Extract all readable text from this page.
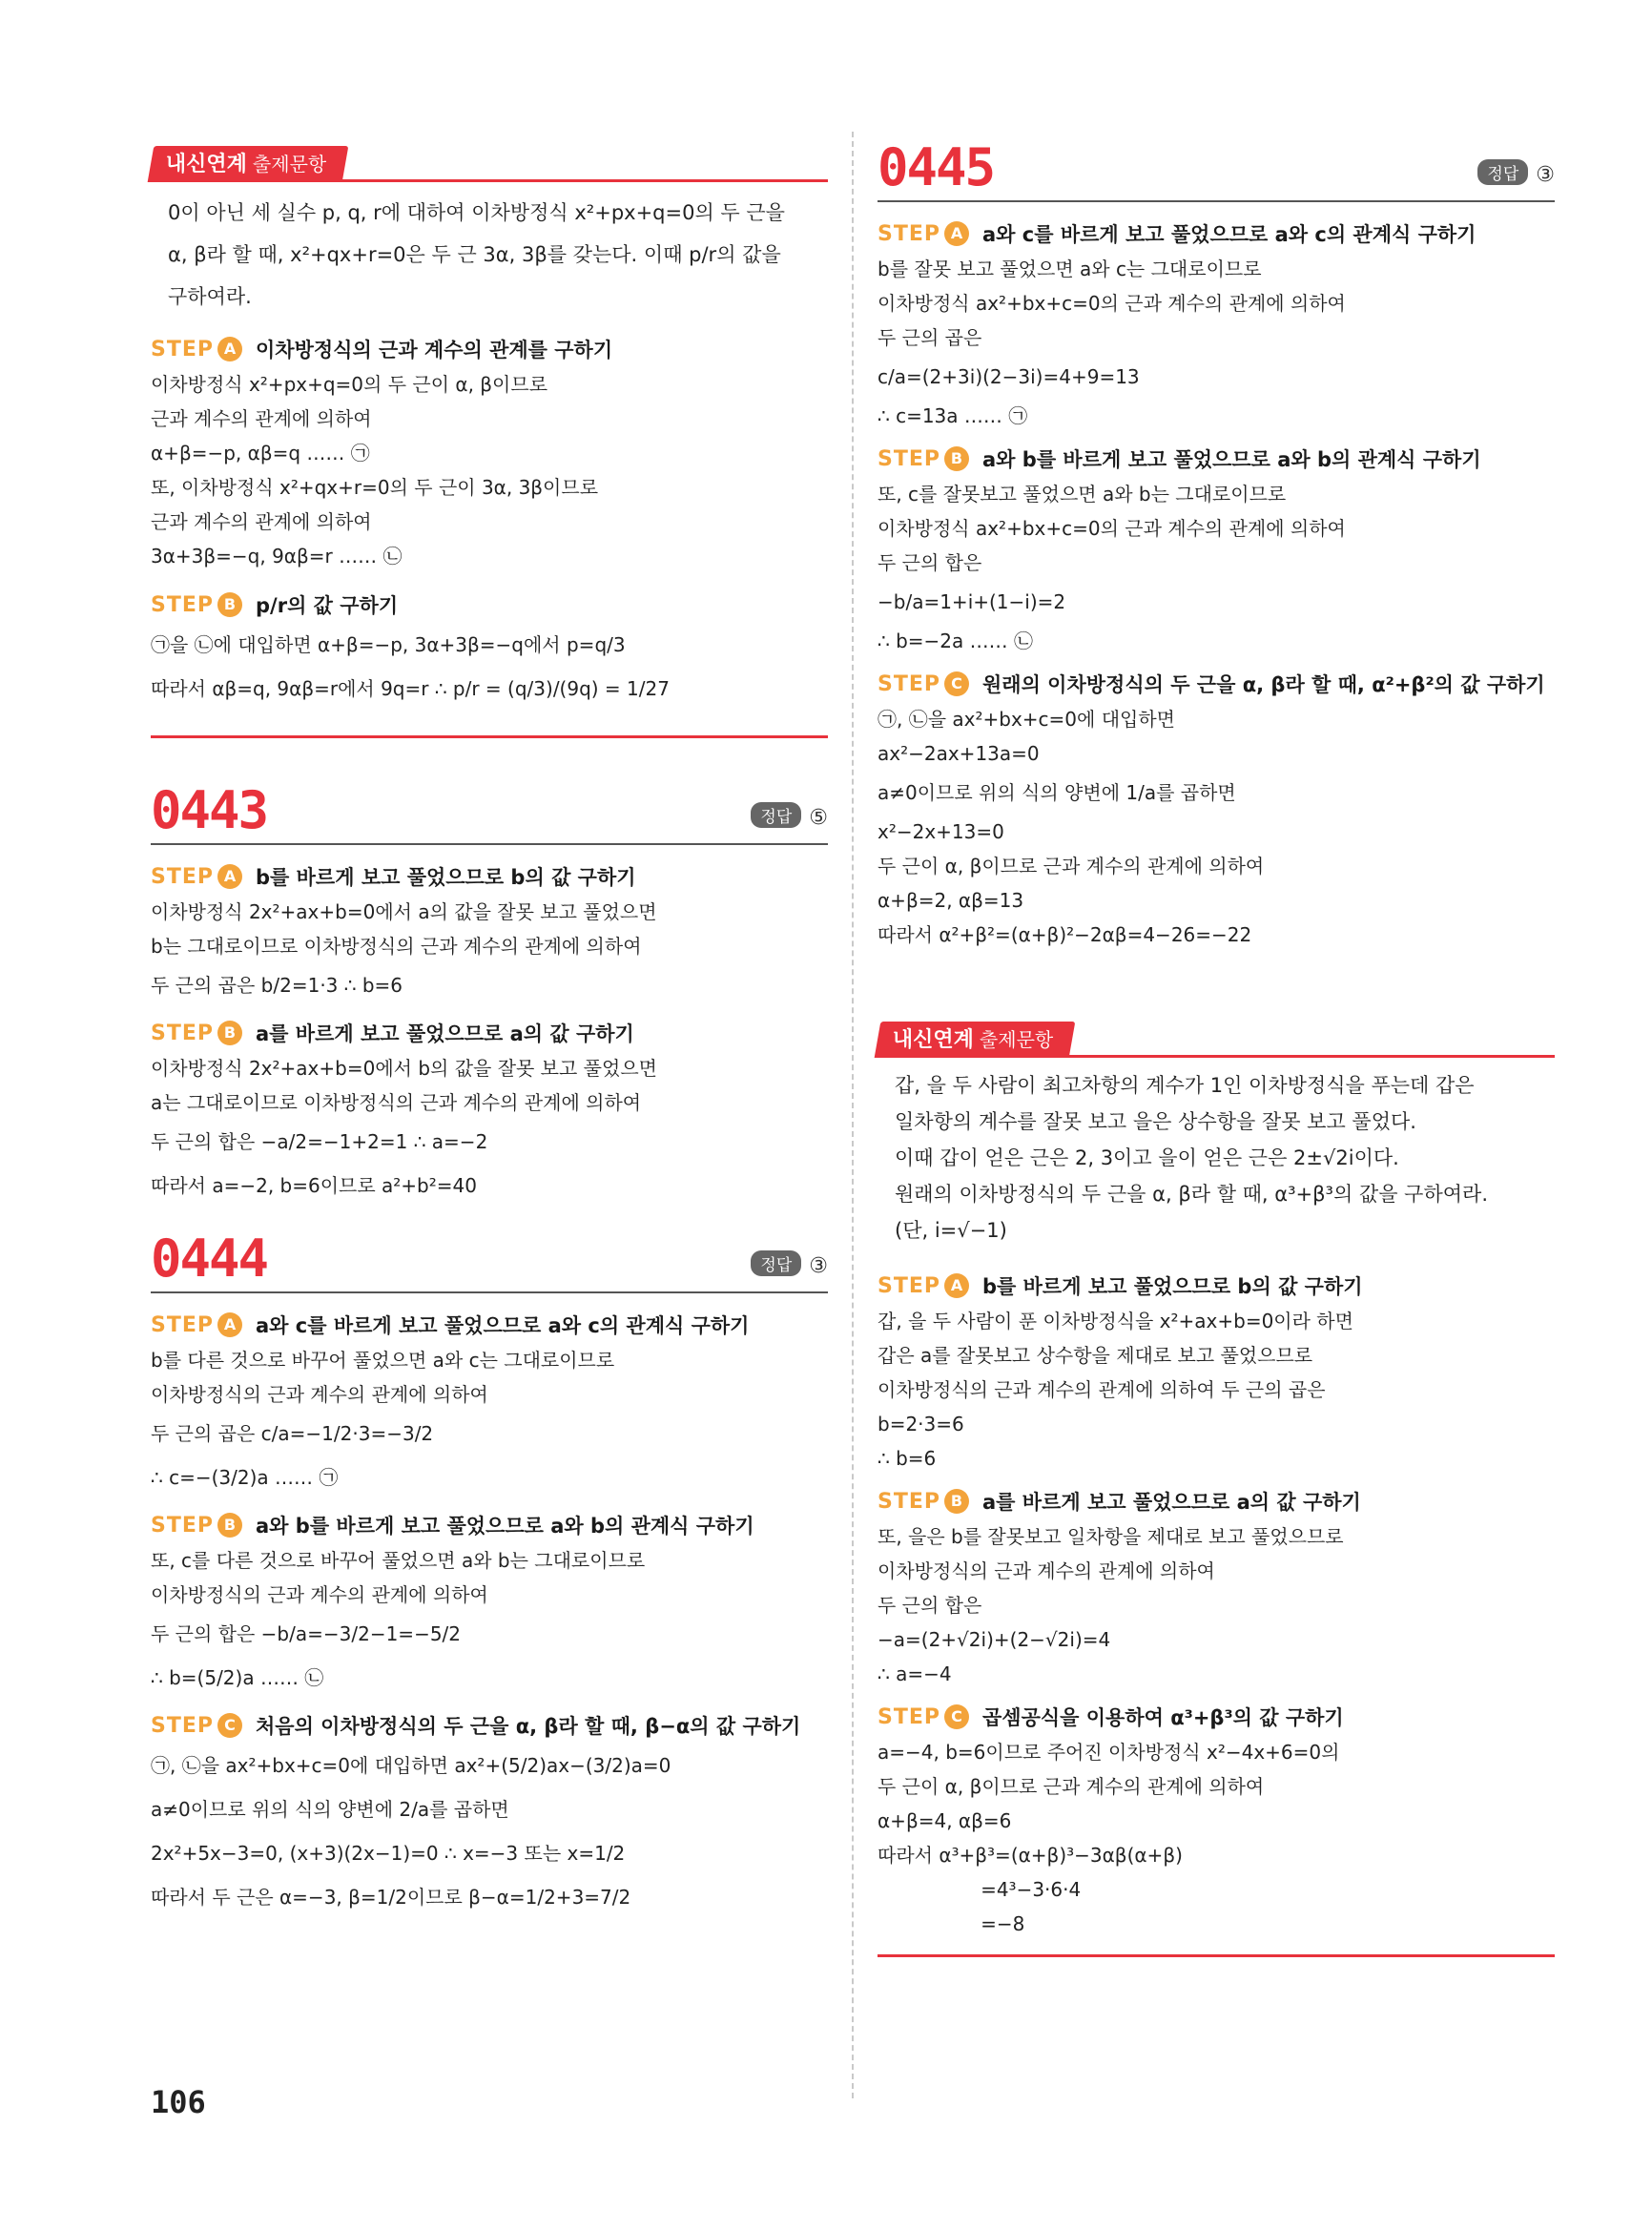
내신연계 출제문항
0이 아닌 세 실수 p, q, r에 대하여 이차방정식 x²+px+q=0의 두 근을
α, β라 할 때, x²+qx+r=0은 두 근 3α, 3β를 갖는다. 이때 p/r의 값을
구하여라.
STEP A 이차방정식의 근과 계수의 관계를 구하기
이차방정식 x²+px+q=0의 두 근이 α, β이므로
근과 계수의 관계에 의하여
α+β=−p, αβ=q …… ㉠
또, 이차방정식 x²+qx+r=0의 두 근이 3α, 3β이므로
근과 계수의 관계에 의하여
3α+3β=−q, 9αβ=r …… ㉡
STEP B p/r의 값 구하기
㉠을 ㉡에 대입하면 α+β=−p, 3α+3β=−q에서 p=q/3
따라서 αβ=q, 9αβ=r에서 9q=r ∴ p/r = (q/3)/(9q) = 1/27
0443	정답 ⑤
STEP A b를 바르게 보고 풀었으므로 b의 값 구하기
이차방정식 2x²+ax+b=0에서 a의 값을 잘못 보고 풀었으면
b는 그대로이므로 이차방정식의 근과 계수의 관계에 의하여
두 근의 곱은 b/2=1·3 ∴ b=6
STEP B a를 바르게 보고 풀었으므로 a의 값 구하기
이차방정식 2x²+ax+b=0에서 b의 값을 잘못 보고 풀었으면
a는 그대로이므로 이차방정식의 근과 계수의 관계에 의하여
두 근의 합은 −a/2=−1+2=1 ∴ a=−2
따라서 a=−2, b=6이므로 a²+b²=40
0444	정답 ③
STEP A a와 c를 바르게 보고 풀었으므로 a와 c의 관계식 구하기
b를 다른 것으로 바꾸어 풀었으면 a와 c는 그대로이므로
이차방정식의 근과 계수의 관계에 의하여
두 근의 곱은 c/a=−1/2·3=−3/2
∴ c=−(3/2)a …… ㉠
STEP B a와 b를 바르게 보고 풀었으므로 a와 b의 관계식 구하기
또, c를 다른 것으로 바꾸어 풀었으면 a와 b는 그대로이므로
이차방정식의 근과 계수의 관계에 의하여
두 근의 합은 −b/a=−3/2−1=−5/2
∴ b=(5/2)a …… ㉡
STEP C	처음의 이차방정식의 두 근을 α, β라 할 때, β−α의 값 구하기
㉠, ㉡을 ax²+bx+c=0에 대입하면 ax²+(5/2)ax−(3/2)a=0
a≠0이므로 위의 식의 양변에 2/a를 곱하면
2x²+5x−3=0, (x+3)(2x−1)=0 ∴ x=−3 또는 x=1/2
따라서 두 근은 α=−3, β=1/2이므로 β−α=1/2+3=7/2
0445	정답 ③
STEP A a와 c를 바르게 보고 풀었으므로 a와 c의 관계식 구하기
b를 잘못 보고 풀었으면 a와 c는 그대로이므로
이차방정식 ax²+bx+c=0의 근과 계수의 관계에 의하여
두 근의 곱은
c/a=(2+3i)(2−3i)=4+9=13
∴ c=13a …… ㉠
STEP B a와 b를 바르게 보고 풀었으므로 a와 b의 관계식 구하기
또, c를 잘못보고 풀었으면 a와 b는 그대로이므로
이차방정식 ax²+bx+c=0의 근과 계수의 관계에 의하여
두 근의 합은
−b/a=1+i+(1−i)=2
∴ b=−2a …… ㉡
STEP C	원래의 이차방정식의 두 근을 α, β라 할 때, α²+β²의 값 구하기
㉠, ㉡을 ax²+bx+c=0에 대입하면
ax²−2ax+13a=0
a≠0이므로 위의 식의 양변에 1/a를 곱하면
x²−2x+13=0
두 근이 α, β이므로 근과 계수의 관계에 의하여
α+β=2, αβ=13
따라서 α²+β²=(α+β)²−2αβ=4−26=−22
내신연계 출제문항
갑, 을 두 사람이 최고차항의 계수가 1인 이차방정식을 푸는데 갑은
일차항의 계수를 잘못 보고 을은 상수항을 잘못 보고 풀었다.
이때 갑이 얻은 근은 2, 3이고 을이 얻은 근은 2±√2i이다.
원래의 이차방정식의 두 근을 α, β라 할 때, α³+β³의 값을 구하여라.
(단, i=√−1)
STEP A b를 바르게 보고 풀었으므로 b의 값 구하기
갑, 을 두 사람이 푼 이차방정식을 x²+ax+b=0이라 하면
갑은 a를 잘못보고 상수항을 제대로 보고 풀었으므로
이차방정식의 근과 계수의 관계에 의하여 두 근의 곱은
b=2·3=6
∴ b=6
STEP B a를 바르게 보고 풀었으므로 a의 값 구하기
또, 을은 b를 잘못보고 일차항을 제대로 보고 풀었으므로
이차방정식의 근과 계수의 관계에 의하여
두 근의 합은
−a=(2+√2i)+(2−√2i)=4
∴ a=−4
STEP C	곱셈공식을 이용하여 α³+β³의 값 구하기
a=−4, b=6이므로 주어진 이차방정식 x²−4x+6=0의
두 근이 α, β이므로 근과 계수의 관계에 의하여
α+β=4, αβ=6
따라서 α³+β³=(α+β)³−3αβ(α+β)
=4³−3·6·4
=−8
106
